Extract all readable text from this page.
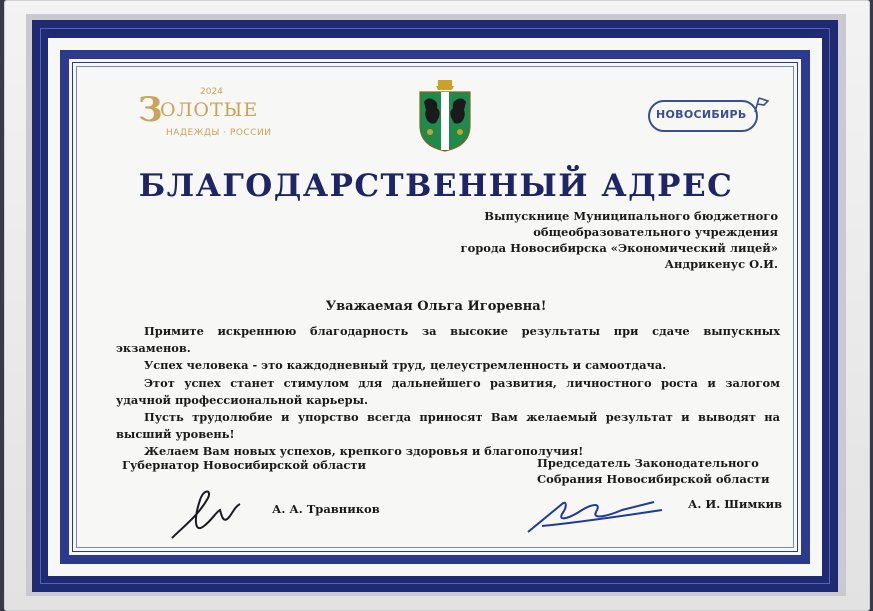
З
ОЛОТЫЕ
2024
НАДЕЖДЫ · РОССИИ
НОВОСИБИРЬ
БЛАГОДАРСТВЕННЫЙ АДРЕС
Выпускнице Муниципального бюджетного
общеобразовательного учреждения
города Новосибирска «Экономический лицей»
Андрикенус О.И.
Уважаемая Ольга Игоревна!

Примите искреннюю благодарность за высокие результаты при сдаче выпускных экзаменов.

Успех человека - это каждодневный труд, целеустремленность и самоотдача.

Этот успех станет стимулом для дальнейшего развития, личностного роста и залогом удачной профессиональной карьеры.

Пусть трудолюбие и упорство всегда приносят Вам желаемый результат и выводят на высший уровень!

Желаем Вам новых успехов, крепкого здоровья и благополучия!

Губернатор Новосибирской области
А. А. Травников
Председатель Законодательного
Собрания Новосибирской области
А. И. Шимкив
